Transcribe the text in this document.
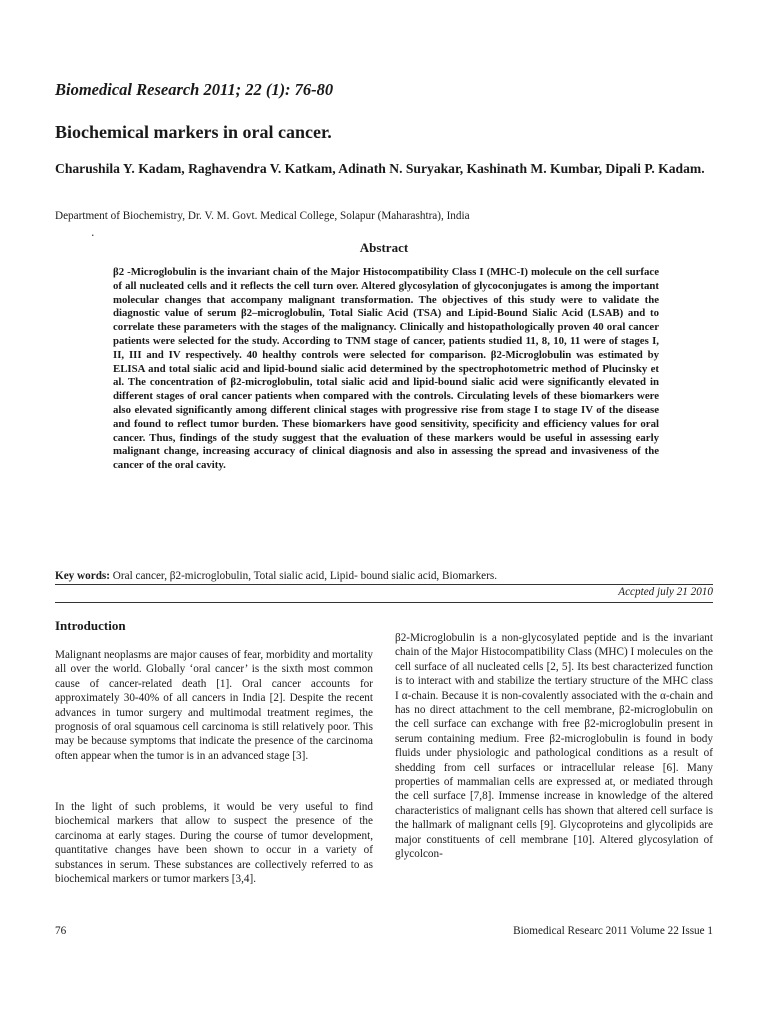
Biomedical Research 2011; 22 (1): 76-80
Biochemical markers in oral cancer.
Charushila Y. Kadam, Raghavendra V. Katkam, Adinath N. Suryakar, Kashinath M. Kumbar, Dipali P. Kadam.
Department of Biochemistry, Dr. V. M. Govt. Medical College, Solapur (Maharashtra), India
.
Abstract
β2 -Microglobulin is the invariant chain of the Major Histocompatibility Class I (MHC-I) molecule on the cell surface of all nucleated cells and it reflects the cell turn over. Altered glycosylation of glycoconjugates is among the important molecular changes that accompany malignant transformation. The objectives of this study were to validate the diagnostic value of serum β2–microglobulin, Total Sialic Acid (TSA) and Lipid-Bound Sialic Acid (LSAB) and to correlate these parameters with the stages of the malignancy. Clinically and histopathologically proven 40 oral cancer patients were selected for the study. According to TNM stage of cancer, patients studied 11, 8, 10, 11 were of stages I, II, III and IV respectively. 40 healthy controls were selected for comparison. β2-Microglobulin was estimated by ELISA and total sialic acid and lipid-bound sialic acid determined by the spectrophotometric method of Plucinsky et al. The concentration of β2-microglobulin, total sialic acid and lipid-bound sialic acid were significantly elevated in different stages of oral cancer patients when compared with the controls. Circulating levels of these biomarkers were also elevated significantly among different clinical stages with progressive rise from stage I to stage IV of the disease and found to reflect tumor burden. These biomarkers have good sensitivity, specificity and efficiency values for oral cancer. Thus, findings of the study suggest that the evaluation of these markers would be useful in assessing early malignant change, increasing accuracy of clinical diagnosis and also in assessing the spread and invasiveness of the cancer of the oral cavity.
Key words: Oral cancer, β2-microglobulin, Total sialic acid, Lipid- bound sialic acid, Biomarkers.
Accpted july 21 2010
Introduction
Malignant neoplasms are major causes of fear, morbidity and mortality all over the world. Globally ‘oral cancer’ is the sixth most common cause of cancer-related death [1]. Oral cancer accounts for approximately 30-40% of all cancers in India [2]. Despite the recent advances in tumor surgery and multimodal treatment regimes, the prognosis of oral squamous cell carcinoma is still relatively poor. This may be because symptoms that indicate the presence of the carcinoma often appear when the tumor is in an advanced stage [3].
In the light of such problems, it would be very useful to find biochemical markers that allow to suspect the presence of the carcinoma at early stages. During the course of tumor development, quantitative changes have been shown to occur in a variety of substances in serum. These substances are collectively referred to as biochemical markers or tumor markers [3,4].
β2-Microglobulin is a non-glycosylated peptide and is the invariant chain of the Major Histocompatibility Class (MHC) I molecules on the cell surface of all nucleated cells [2, 5]. Its best characterized function is to interact with and stabilize the tertiary structure of the MHC class I α-chain. Because it is non-covalently associated with the α-chain and has no direct attachment to the cell membrane, β2-microglobulin on the cell surface can exchange with free β2-microglobulin present in serum containing medium. Free β2-microglobulin is found in body fluids under physiologic and pathological conditions as a result of shedding from cell surfaces or intracellular release [6]. Many properties of mammalian cells are expressed at, or mediated through the cell surface [7,8]. Immense increase in knowledge of the altered characteristics of malignant cells has shown that altered cell surface is the hallmark of malignant cells [9]. Glycoproteins and glycolipids are major constituents of cell membrane [10]. Altered glycosylation of glycolcon-
76	Biomedical Researc 2011 Volume 22 Issue 1
